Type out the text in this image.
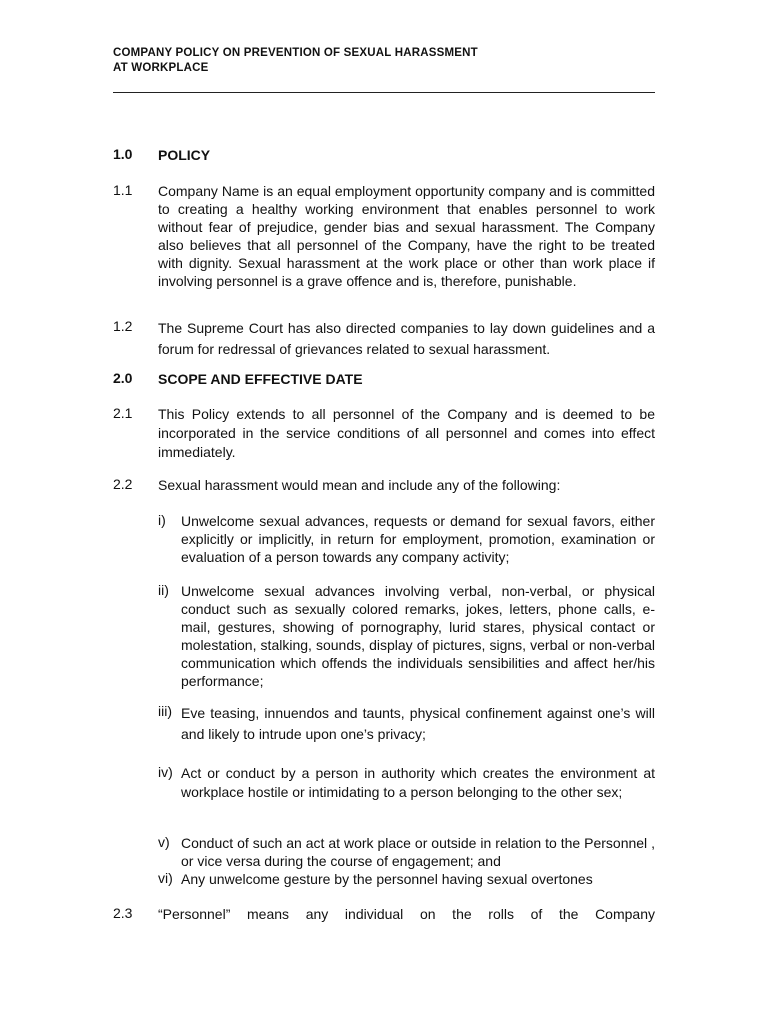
COMPANY POLICY ON PREVENTION OF SEXUAL HARASSMENT
AT WORKPLACE
1.0 POLICY
1.1 Company Name is an equal employment opportunity company and is committed to creating a healthy working environment that enables personnel to work without fear of prejudice, gender bias and sexual harassment. The Company also believes that all personnel of the Company, have the right to be treated with dignity. Sexual harassment at the work place or other than work place if involving personnel is a grave offence and is, therefore, punishable.
1.2 The Supreme Court has also directed companies to lay down guidelines and a forum for redressal of grievances related to sexual harassment.
2.0 SCOPE AND EFFECTIVE DATE
2.1 This Policy extends to all personnel of the Company and is deemed to be incorporated in the service conditions of all personnel and comes into effect immediately.
2.2 Sexual harassment would mean and include any of the following:
i) Unwelcome sexual advances, requests or demand for sexual favors, either explicitly or implicitly, in return for employment, promotion, examination or evaluation of a person towards any company activity;
ii) Unwelcome sexual advances involving verbal, non-verbal, or physical conduct such as sexually colored remarks, jokes, letters, phone calls, e-mail, gestures, showing of pornography, lurid stares, physical contact or molestation, stalking, sounds, display of pictures, signs, verbal or non-verbal communication which offends the individuals sensibilities and affect her/his performance;
iii) Eve teasing, innuendos and taunts, physical confinement against one’s will and likely to intrude upon one’s privacy;
iv) Act or conduct by a person in authority which creates the environment at workplace hostile or intimidating to a person belonging to the other sex;
v) Conduct of such an act at work place or outside in relation to the Personnel , or vice versa during the course of engagement; and
vi) Any unwelcome gesture by the personnel having sexual overtones
2.3 “Personnel” means any individual on the rolls of the Company
